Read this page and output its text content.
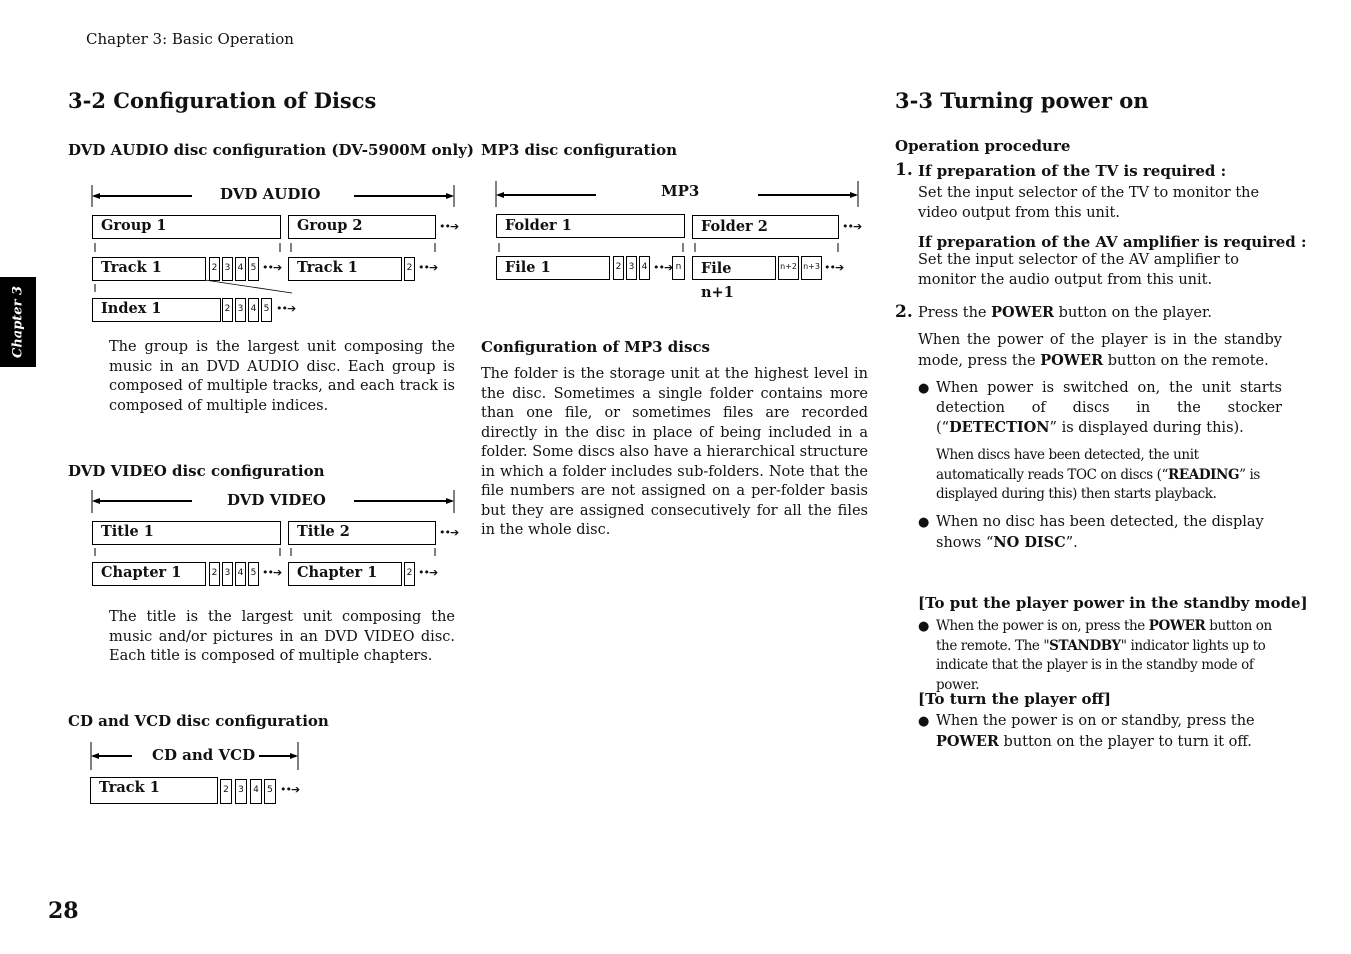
Chapter 3: Basic Operation
Chapter 3
28
3-2 Configuration of Discs
DVD AUDIO disc configuration (DV-5900M only)
DVD AUDIO
Group 1	Group 2	••➔
Track 1	2 3 4 5 ••➔	Track 1	2 ••➔
Index 1	2 3 4 5 ••➔
The group is the largest unit composing the music in an DVD AUDIO disc. Each group is composed of multiple tracks, and each track is composed of multiple indices.
DVD VIDEO disc configuration
DVD VIDEO
Title 1	Title 2	••➔
Chapter 1	2 3 4 5 ••➔	Chapter 1	2 ••➔
The title is the largest unit composing the music and/or pictures in an DVD VIDEO disc. Each title is composed of multiple chapters.
CD and VCD disc configuration
CD and VCD
Track 1	2	3	4 5 ••➔
MP3 disc configuration
MP3
Folder 1	Folder 2	••➔
File 1	2 3 4 ••➔ n	File n+1
n+2 n+3 ••➔
Configuration of MP3 discs
The folder is the storage unit at the highest level in the disc. Sometimes a single folder contains more than one file, or sometimes files are recorded directly in the disc in place of being included in a folder. Some discs also have a hierarchical structure in which a folder includes sub-folders. Note that the file numbers are not assigned on a per-folder basis but they are assigned consecutively for all the files in the whole disc.
3-3 Turning power on
Operation procedure
1. If preparation of the TV is required :
Set the input selector of the TV to monitor the video output from this unit.
If preparation of the AV amplifier is required :
Set the input selector of the AV amplifier to monitor the audio output from this unit.
2. Press the POWER button on the player.
When the power of the player is in the standby mode, press the POWER button on the remote.
● When power is switched on, the unit starts detection of discs in the stocker (“DETECTION” is displayed during this).
When discs have been detected, the unit automatically reads TOC on discs (“READING” is displayed during this) then starts playback.
● When no disc has been detected, the display shows “NO DISC”.
[To put the player power in the standby mode]
● When the power is on, press the POWER button on the remote. The "STANDBY" indicator lights up to indicate that the player is in the standby mode of power.
[To turn the player off]
● When the power is on or standby, press the POWER button on the player to turn it off.
